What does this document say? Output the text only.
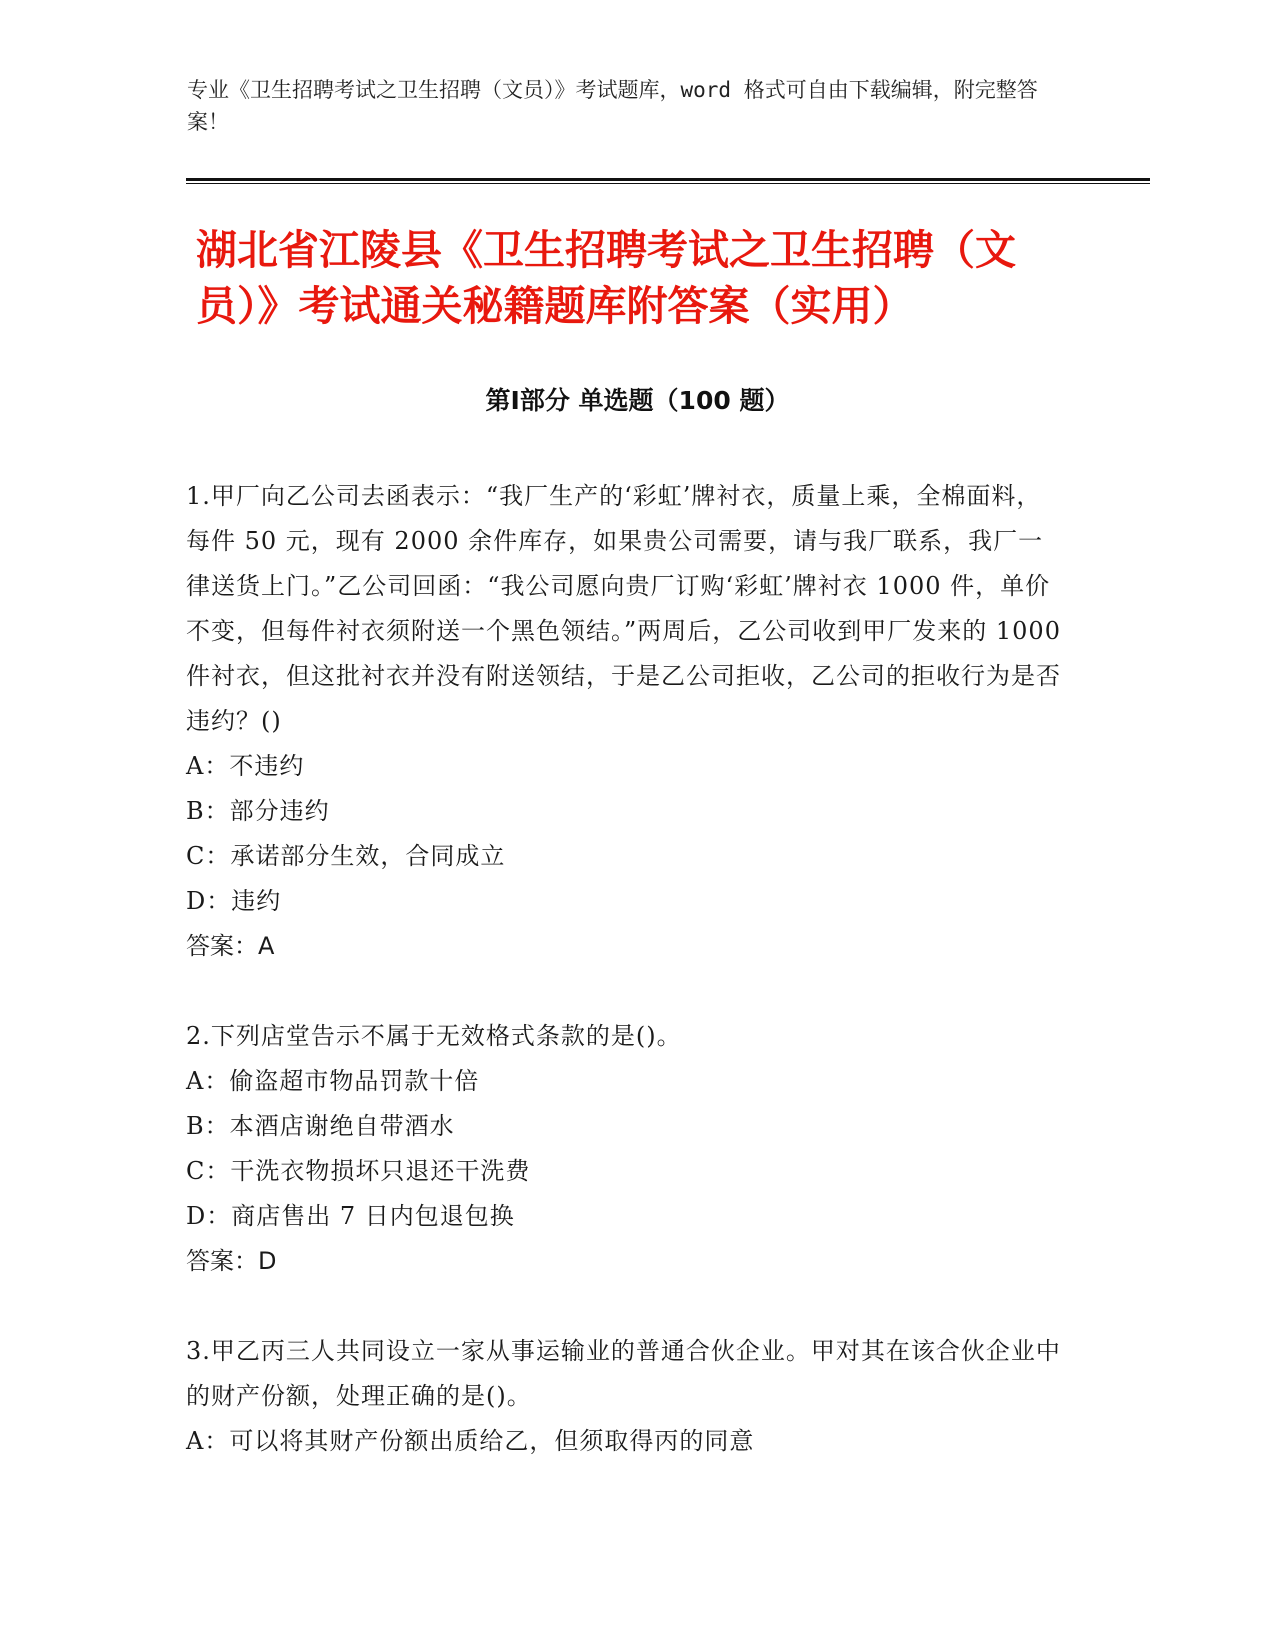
专业《卫生招聘考试之卫生招聘（文员）》考试题库，word 格式可自由下载编辑，附完整答案！
湖北省江陵县《卫生招聘考试之卫生招聘（文员）》考试通关秘籍题库附答案（实用）
第Ⅰ部分 单选题（100 题）

1.甲厂向乙公司去函表示：“我厂生产的‘彩虹’牌衬衣，质量上乘，全棉面料，每件 50 元，现有 2000 余件库存，如果贵公司需要，请与我厂联系，我厂一律送货上门。”乙公司回函：“我公司愿向贵厂订购‘彩虹’牌衬衣 1000 件，单价不变，但每件衬衣须附送一个黑色领结。”两周后，乙公司收到甲厂发来的 1000 件衬衣，但这批衬衣并没有附送领结，于是乙公司拒收，乙公司的拒收行为是否违约？()

A：不违约

B：部分违约

C：承诺部分生效，合同成立

D：违约

答案：A

2.下列店堂告示不属于无效格式条款的是()。

A：偷盗超市物品罚款十倍

B：本酒店谢绝自带酒水

C：干洗衣物损坏只退还干洗费

D：商店售出 7 日内包退包换

答案：D

3.甲乙丙三人共同设立一家从事运输业的普通合伙企业。甲对其在该合伙企业中的财产份额，处理正确的是()。

A：可以将其财产份额出质给乙，但须取得丙的同意
